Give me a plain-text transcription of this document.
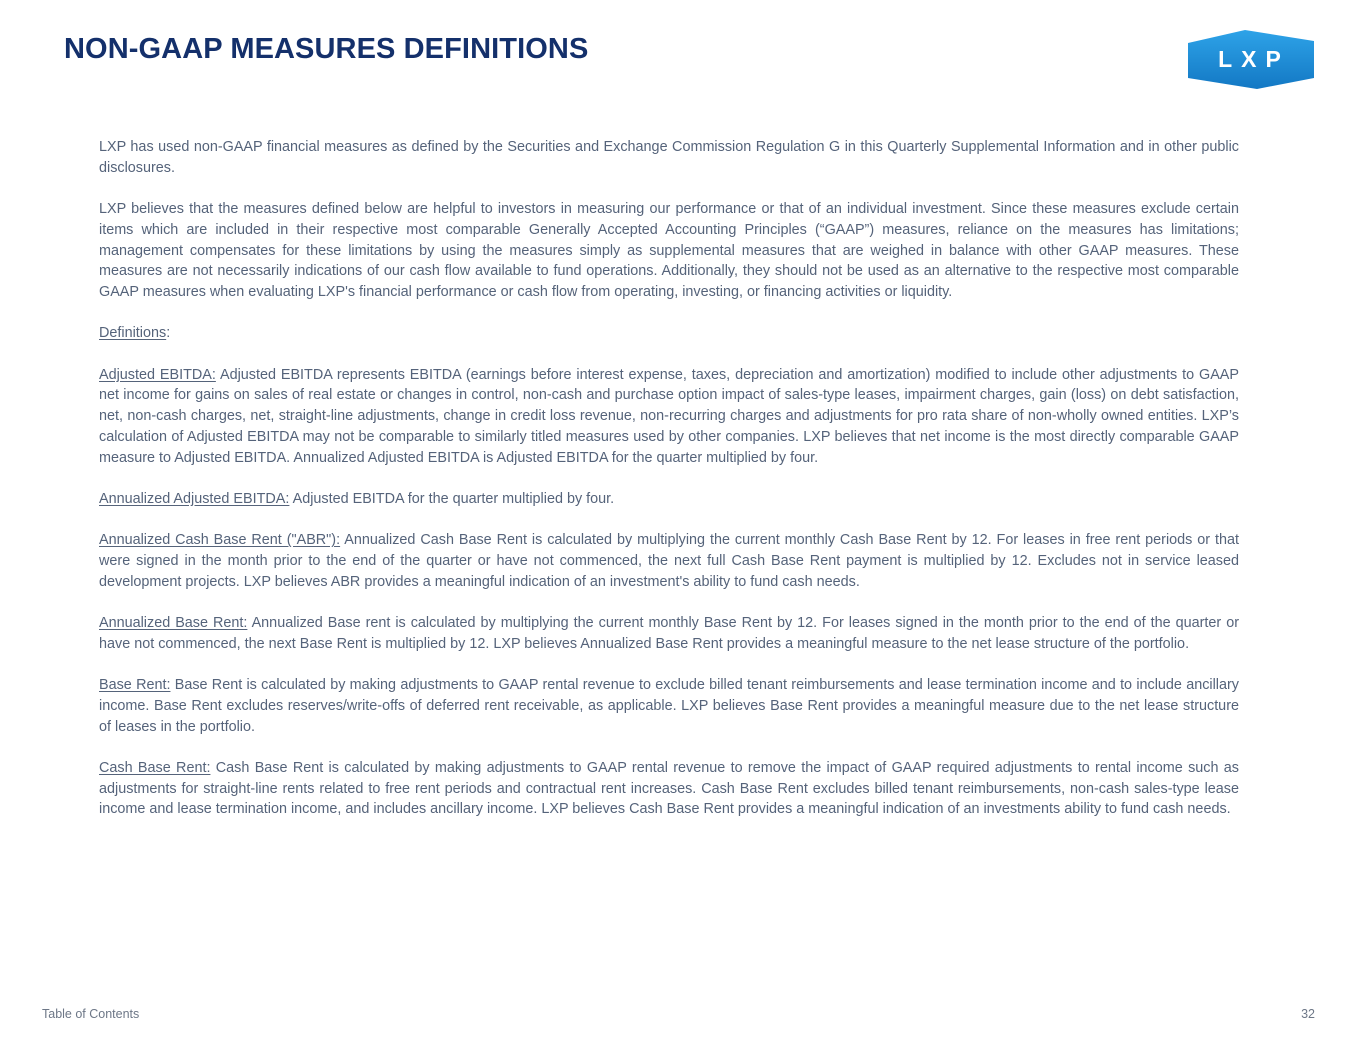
NON-GAAP MEASURES DEFINITIONS	LXP

LXP has used non-GAAP financial measures as defined by the Securities and Exchange Commission Regulation G in this Quarterly Supplemental Information and in other public disclosures.

LXP believes that the measures defined below are helpful to investors in measuring our performance or that of an individual investment. Since these measures exclude certain items which are included in their respective most comparable Generally Accepted Accounting Principles (“GAAP”) measures, reliance on the measures has limitations; management compensates for these limitations by using the measures simply as supplemental measures that are weighed in balance with other GAAP measures. These measures are not necessarily indications of our cash flow available to fund operations. Additionally, they should not be used as an alternative to the respective most comparable GAAP measures when evaluating LXP's financial performance or cash flow from operating, investing, or financing activities or liquidity.

Definitions:

Adjusted EBITDA: Adjusted EBITDA represents EBITDA (earnings before interest expense, taxes, depreciation and amortization) modified to include other adjustments to GAAP net income for gains on sales of real estate or changes in control, non-cash and purchase option impact of sales-type leases, impairment charges, gain (loss) on debt satisfaction, net, non-cash charges, net, straight-line adjustments, change in credit loss revenue, non-recurring charges and adjustments for pro rata share of non-wholly owned entities. LXP’s calculation of Adjusted EBITDA may not be comparable to similarly titled measures used by other companies. LXP believes that net income is the most directly comparable GAAP measure to Adjusted EBITDA. Annualized Adjusted EBITDA is Adjusted EBITDA for the quarter multiplied by four.

Annualized Adjusted EBITDA: Adjusted EBITDA for the quarter multiplied by four.

Annualized Cash Base Rent ("ABR"): Annualized Cash Base Rent is calculated by multiplying the current monthly Cash Base Rent by 12. For leases in free rent periods or that were signed in the month prior to the end of the quarter or have not commenced, the next full Cash Base Rent payment is multiplied by 12. Excludes not in service leased development projects. LXP believes ABR provides a meaningful indication of an investment's ability to fund cash needs.

Annualized Base Rent: Annualized Base rent is calculated by multiplying the current monthly Base Rent by 12. For leases signed in the month prior to the end of the quarter or have not commenced, the next Base Rent is multiplied by 12. LXP believes Annualized Base Rent provides a meaningful measure to the net lease structure of the portfolio.

Base Rent: Base Rent is calculated by making adjustments to GAAP rental revenue to exclude billed tenant reimbursements and lease termination income and to include ancillary income. Base Rent excludes reserves/write-offs of deferred rent receivable, as applicable. LXP believes Base Rent provides a meaningful measure due to the net lease structure of leases in the portfolio.

Cash Base Rent: Cash Base Rent is calculated by making adjustments to GAAP rental revenue to remove the impact of GAAP required adjustments to rental income such as adjustments for straight-line rents related to free rent periods and contractual rent increases. Cash Base Rent excludes billed tenant reimbursements, non-cash sales-type lease income and lease termination income, and includes ancillary income. LXP believes Cash Base Rent provides a meaningful indication of an investments ability to fund cash needs.

Table of Contents	32
